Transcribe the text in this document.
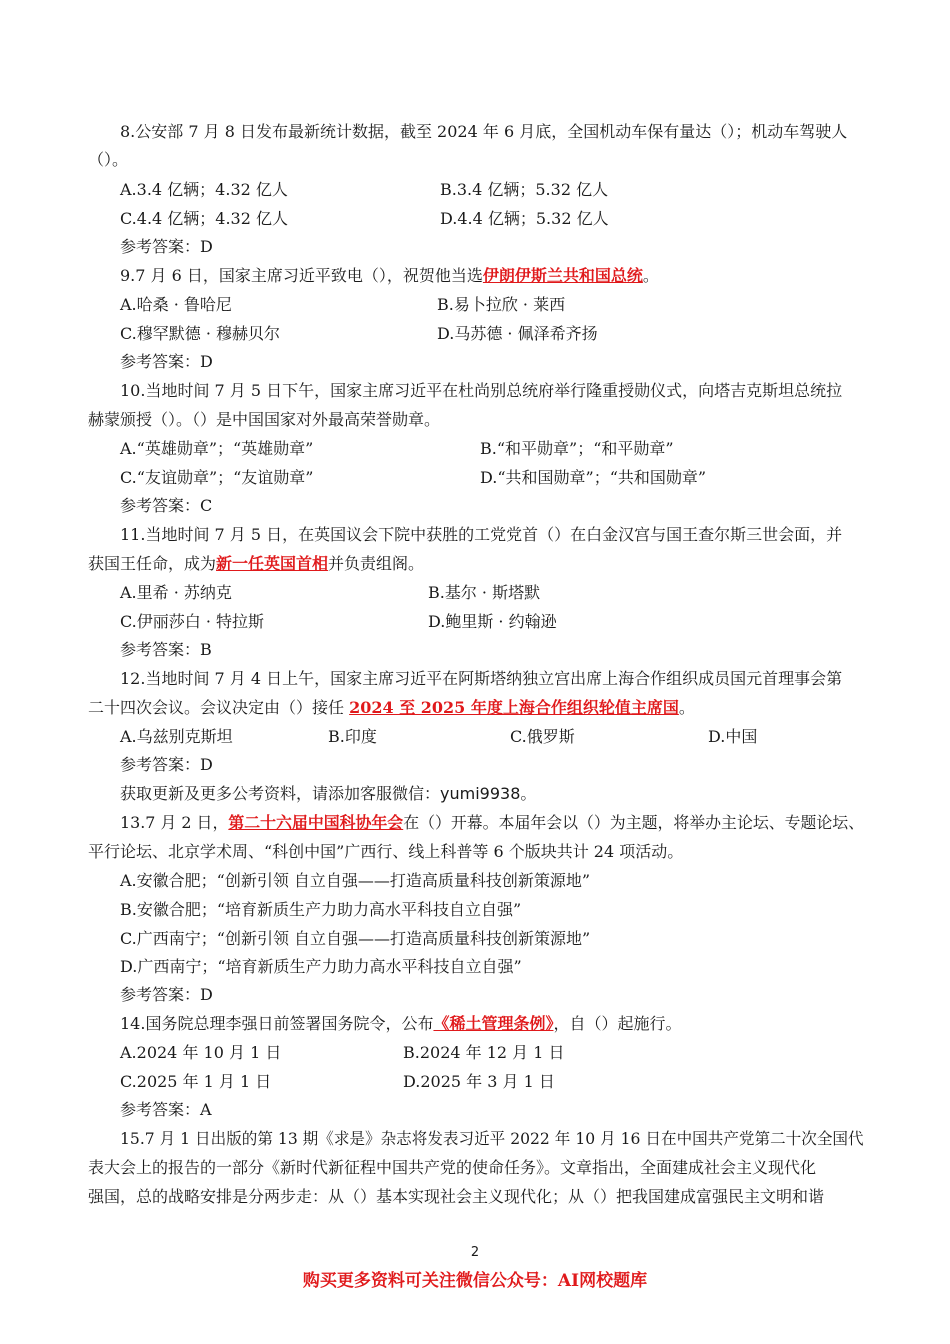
8.公安部 7 月 8 日发布最新统计数据，截至 2024 年 6 月底，全国机动车保有量达（）；机动车驾驶人
（）。
A.3.4 亿辆；4.32 亿人	B.3.4 亿辆；5.32 亿人
C.4.4 亿辆；4.32 亿人	D.4.4 亿辆；5.32 亿人
参考答案：D
9.7 月 6 日，国家主席习近平致电（），祝贺他当选伊朗伊斯兰共和国总统。
A.哈桑 · 鲁哈尼	B.易卜拉欣 · 莱西
C.穆罕默德 · 穆赫贝尔	D.马苏德 · 佩泽希齐扬
参考答案：D
10.当地时间 7 月 5 日下午，国家主席习近平在杜尚别总统府举行隆重授勋仪式，向塔吉克斯坦总统拉
赫蒙颁授（）。（）是中国国家对外最高荣誉勋章。
A.“英雄勋章”；“英雄勋章”	B.“和平勋章”；“和平勋章”
C.“友谊勋章”；“友谊勋章”	D.“共和国勋章”；“共和国勋章”
参考答案：C
11.当地时间 7 月 5 日，在英国议会下院中获胜的工党党首（）在白金汉宫与国王查尔斯三世会面，并
获国王任命，成为新一任英国首相并负责组阁。
A.里希 · 苏纳克	B.基尔 · 斯塔默
C.伊丽莎白 · 特拉斯	D.鲍里斯 · 约翰逊
参考答案：B
12.当地时间 7 月 4 日上午，国家主席习近平在阿斯塔纳独立宫出席上海合作组织成员国元首理事会第
二十四次会议。会议决定由（）接任 2024 至 2025 年度上海合作组织轮值主席国。
A.乌兹别克斯坦	B.印度	C.俄罗斯	D.中国
参考答案：D
获取更新及更多公考资料，请添加客服微信：yumi9938。
13.7 月 2 日，第二十六届中国科协年会在（）开幕。本届年会以（）为主题，将举办主论坛、专题论坛、
平行论坛、北京学术周、“科创中国”广西行、线上科普等 6 个版块共计 24 项活动。
A.安徽合肥；“创新引领 自立自强——打造高质量科技创新策源地”
B.安徽合肥；“培育新质生产力助力高水平科技自立自强”
C.广西南宁；“创新引领 自立自强——打造高质量科技创新策源地”
D.广西南宁；“培育新质生产力助力高水平科技自立自强”
参考答案：D
14.国务院总理李强日前签署国务院令，公布《稀土管理条例》，自（）起施行。
A.2024 年 10 月 1 日	B.2024 年 12 月 1 日
C.2025 年 1 月 1 日	D.2025 年 3 月 1 日
参考答案：A
15.7 月 1 日出版的第 13 期《求是》杂志将发表习近平 2022 年 10 月 16 日在中国共产党第二十次全国代
表大会上的报告的一部分《新时代新征程中国共产党的使命任务》。文章指出，全面建成社会主义现代化
强国，总的战略安排是分两步走：从（）基本实现社会主义现代化；从（）把我国建成富强民主文明和谐
2
购买更多资料可关注微信公众号：AI网校题库
